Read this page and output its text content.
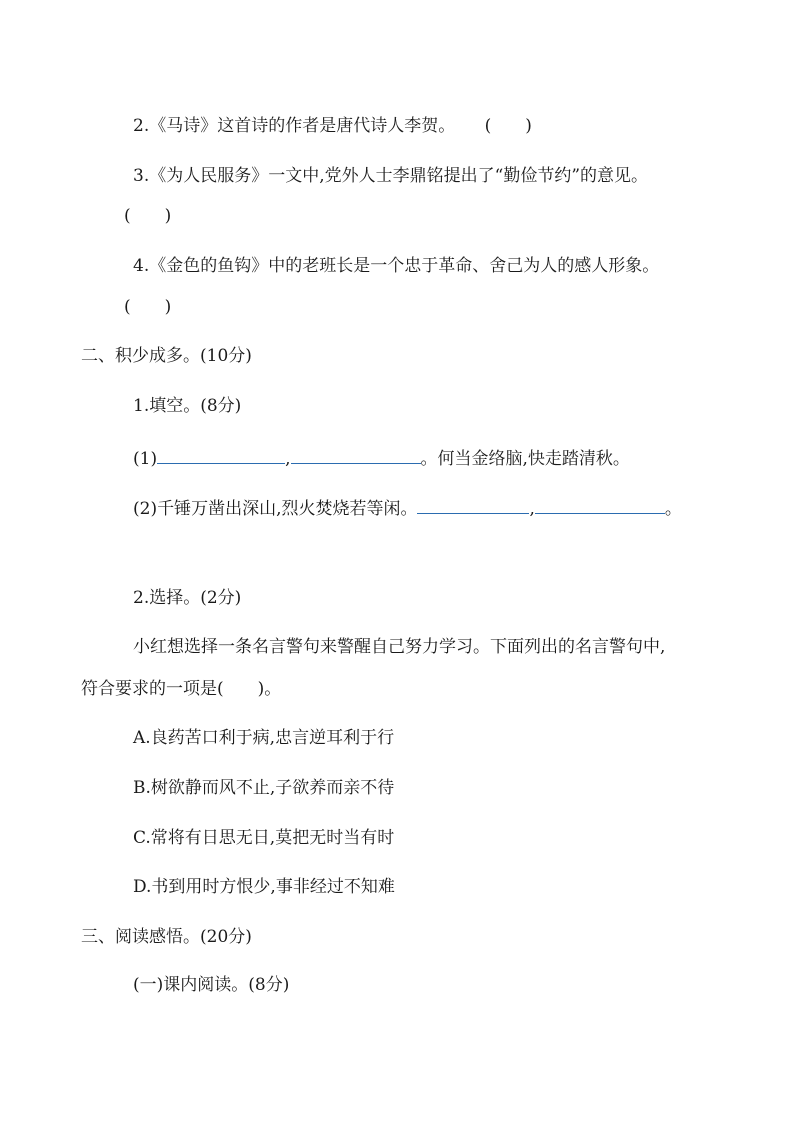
2.《马诗》这首诗的作者是唐代诗人李贺。 (　　)
3.《为人民服务》一文中,党外人士李鼎铭提出了“勤俭节约”的意见。
(　　)
4.《金色的鱼钩》中的老班长是一个忠于革命、舍己为人的感人形象。
(　　)
二、积少成多。(10分)
1.填空。(8分)
(1)	,	。何当金络脑,快走踏清秋。
(2)千锤万凿出深山,烈火焚烧若等闲。	,	。
2.选择。(2分)
小红想选择一条名言警句来警醒自己努力学习。下面列出的名言警句中,
符合要求的一项是(　　)。
A.良药苦口利于病,忠言逆耳利于行
B.树欲静而风不止,子欲养而亲不待
C.常将有日思无日,莫把无时当有时
D.书到用时方恨少,事非经过不知难
三、阅读感悟。(20分)
(一)课内阅读。(8分)
